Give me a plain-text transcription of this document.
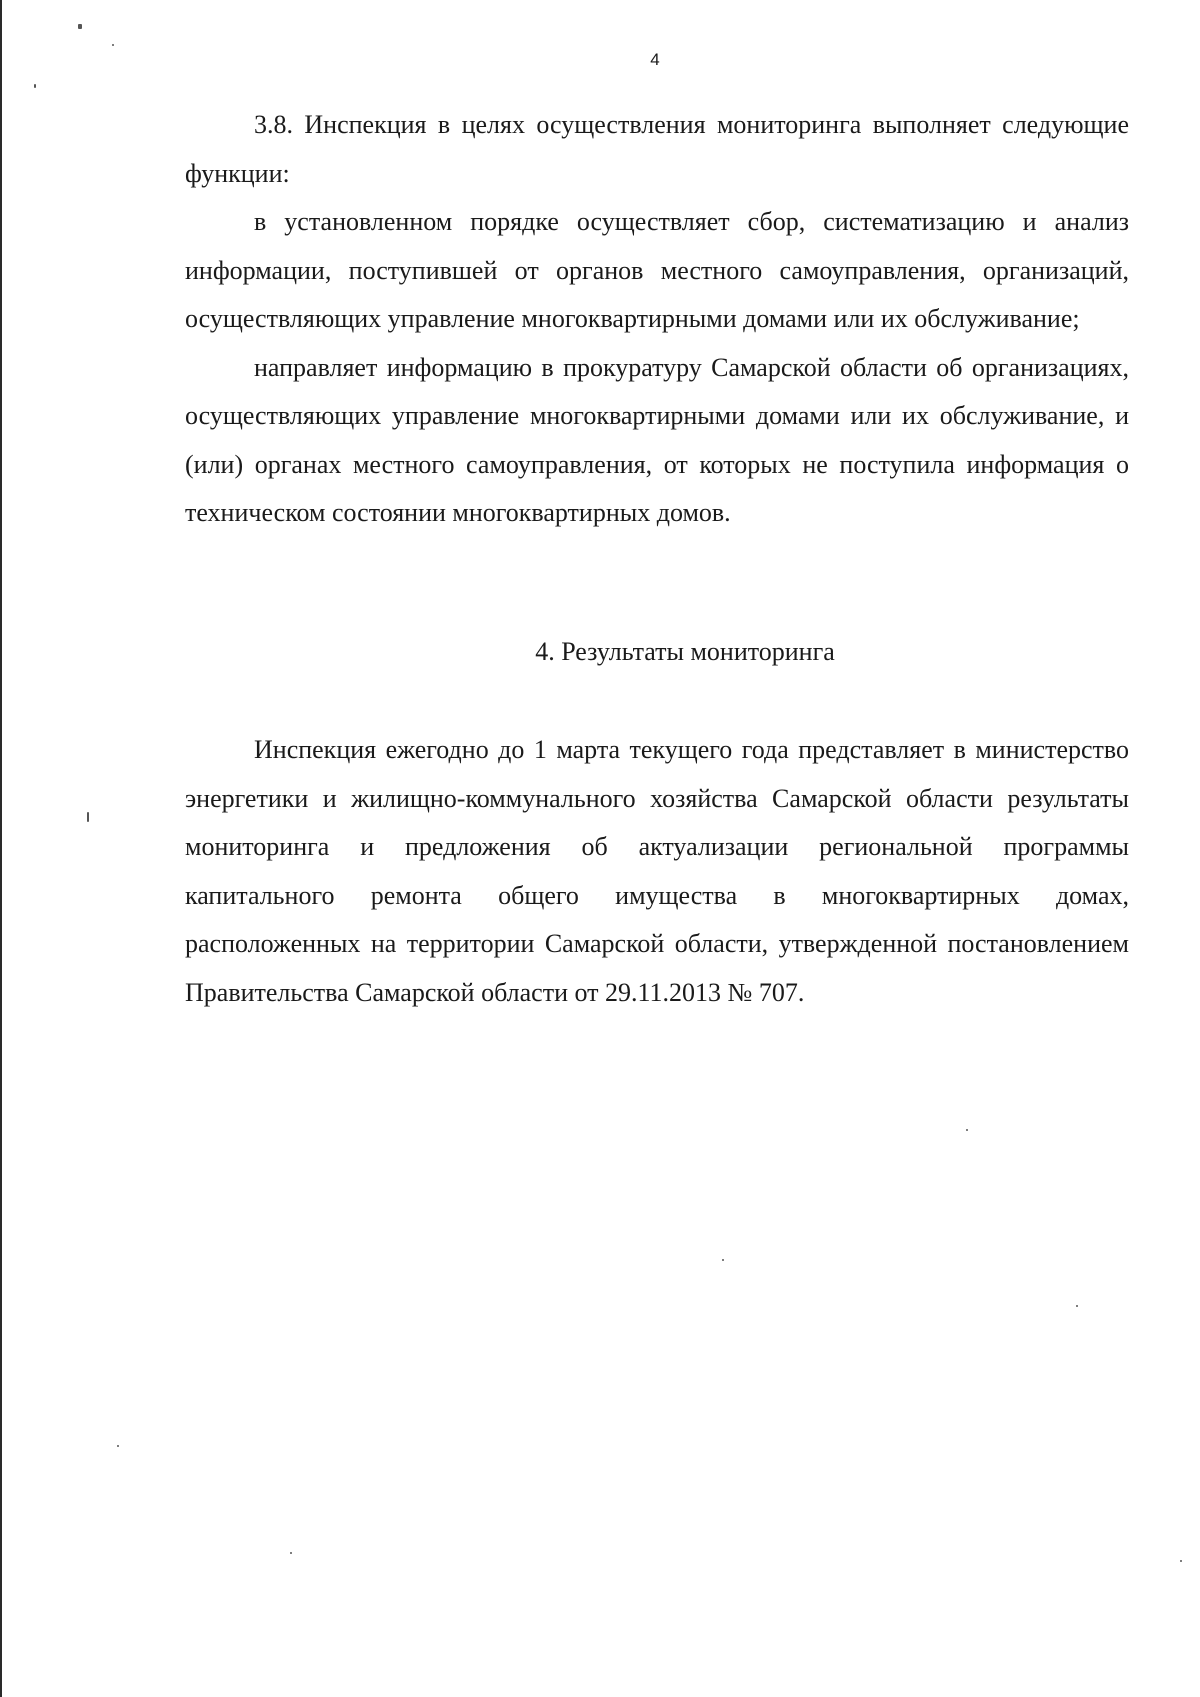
4

3.8. Инспекция в целях осуществления мониторинга выполняет следующие функции:

в установленном порядке осуществляет сбор, систематизацию и анализ информации, поступившей от органов местного самоуправления, организаций, осуществляющих управление многоквартирными домами или их обслуживание;

направляет информацию в прокуратуру Самарской области об организациях, осуществляющих управление многоквартирными домами или их обслуживание, и (или) органах местного самоуправления, от которых не поступила информация о техническом состоянии многоквартирных домов.

4. Результаты мониторинга

Инспекция ежегодно до 1 марта текущего года представляет в министерство энергетики и жилищно-коммунального хозяйства Самарской области результаты мониторинга и предложения об актуализации региональной программы капитального ремонта общего имущества в многоквартирных домах, расположенных на территории Самарской области, утвержденной постановлением Правительства Самарской области от 29.11.2013 № 707.
